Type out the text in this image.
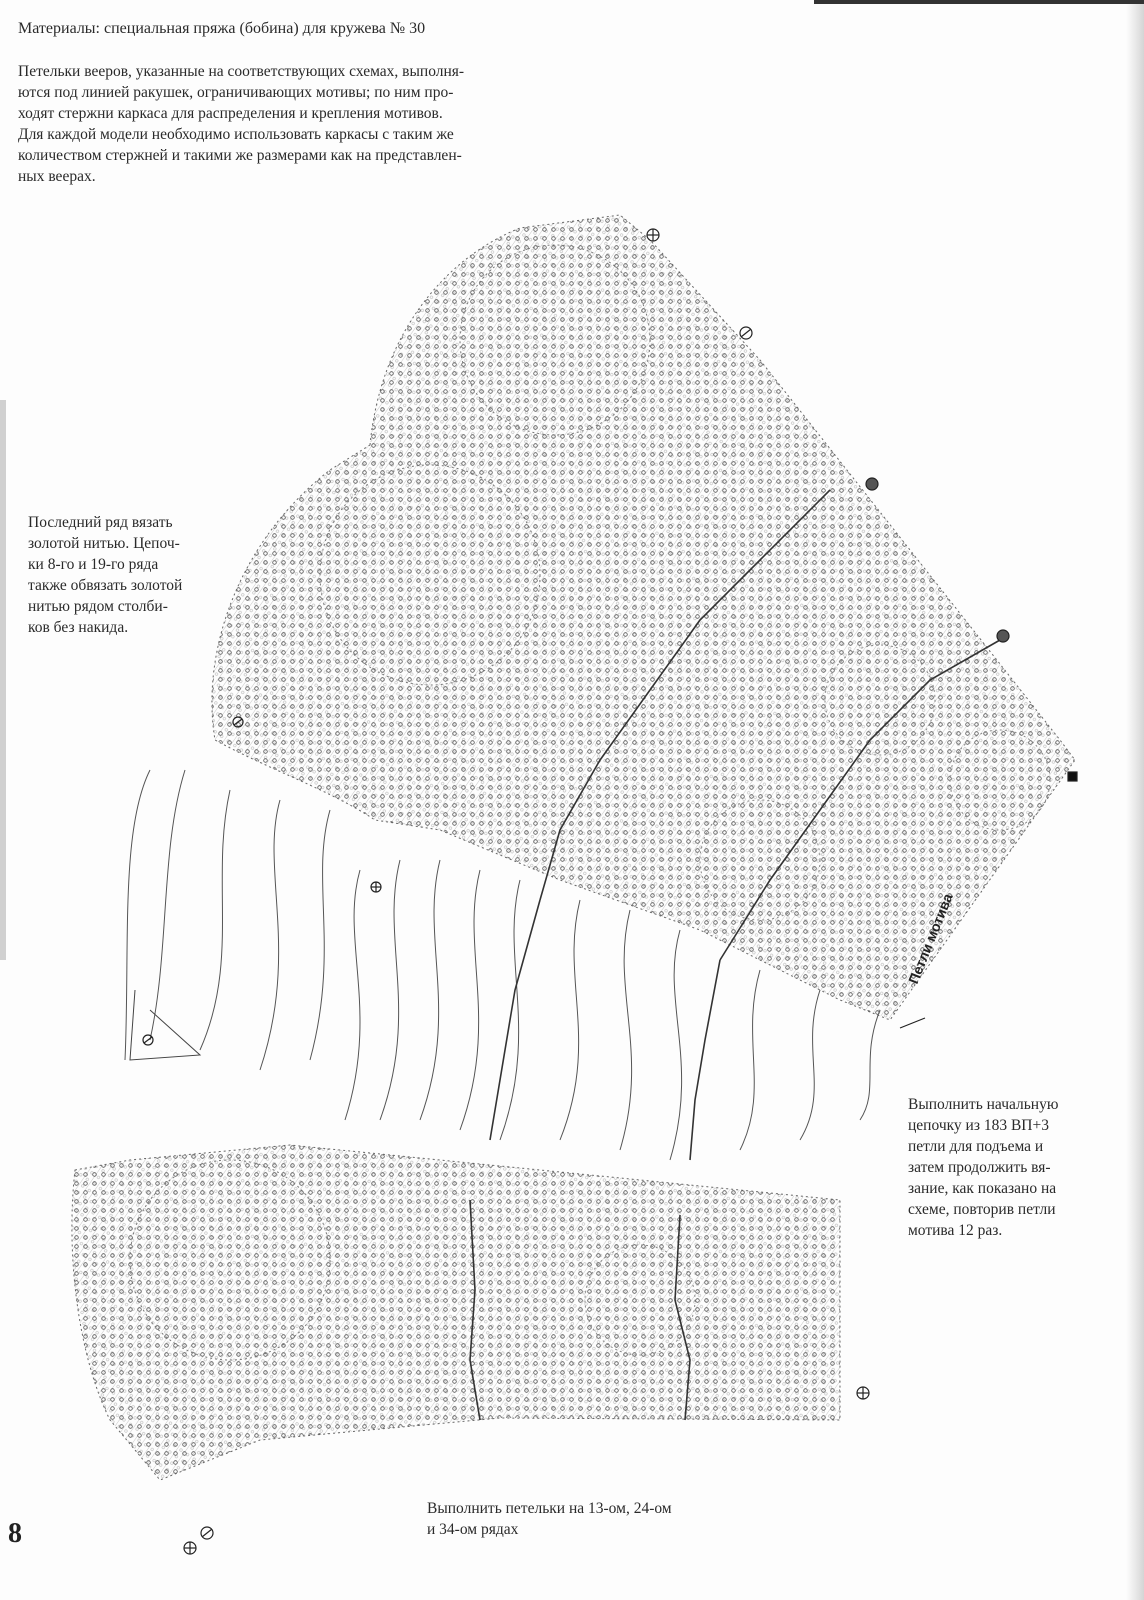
Материалы: специальная пряжа (бобина) для кружева № 30

Петельки вееров, указанные на соответствующих схемах, выполня-
ются под линией ракушек, ограничивающих мотивы; по ним про-
ходят стержни каркаса для распределения и крепления мотивов.
Для каждой модели необходимо использовать каркасы с таким же
количеством стержней и такими же размерами как на представлен-
ных веерах.
Последний ряд вязать
золотой нитью. Цепоч-
ки 8-го и 19-го ряда
также обвязать золотой
нитью рядом столби-
ков без накида.
Петли мотива
Выполнить начальную
цепочку из 183 ВП+3
петли для подъема и
затем продолжить вя-
зание, как показано на
схеме, повторив петли
мотива 12 раз.
Выполнить петельки на 13-ом, 24-ом
и 34-ом рядах
8
